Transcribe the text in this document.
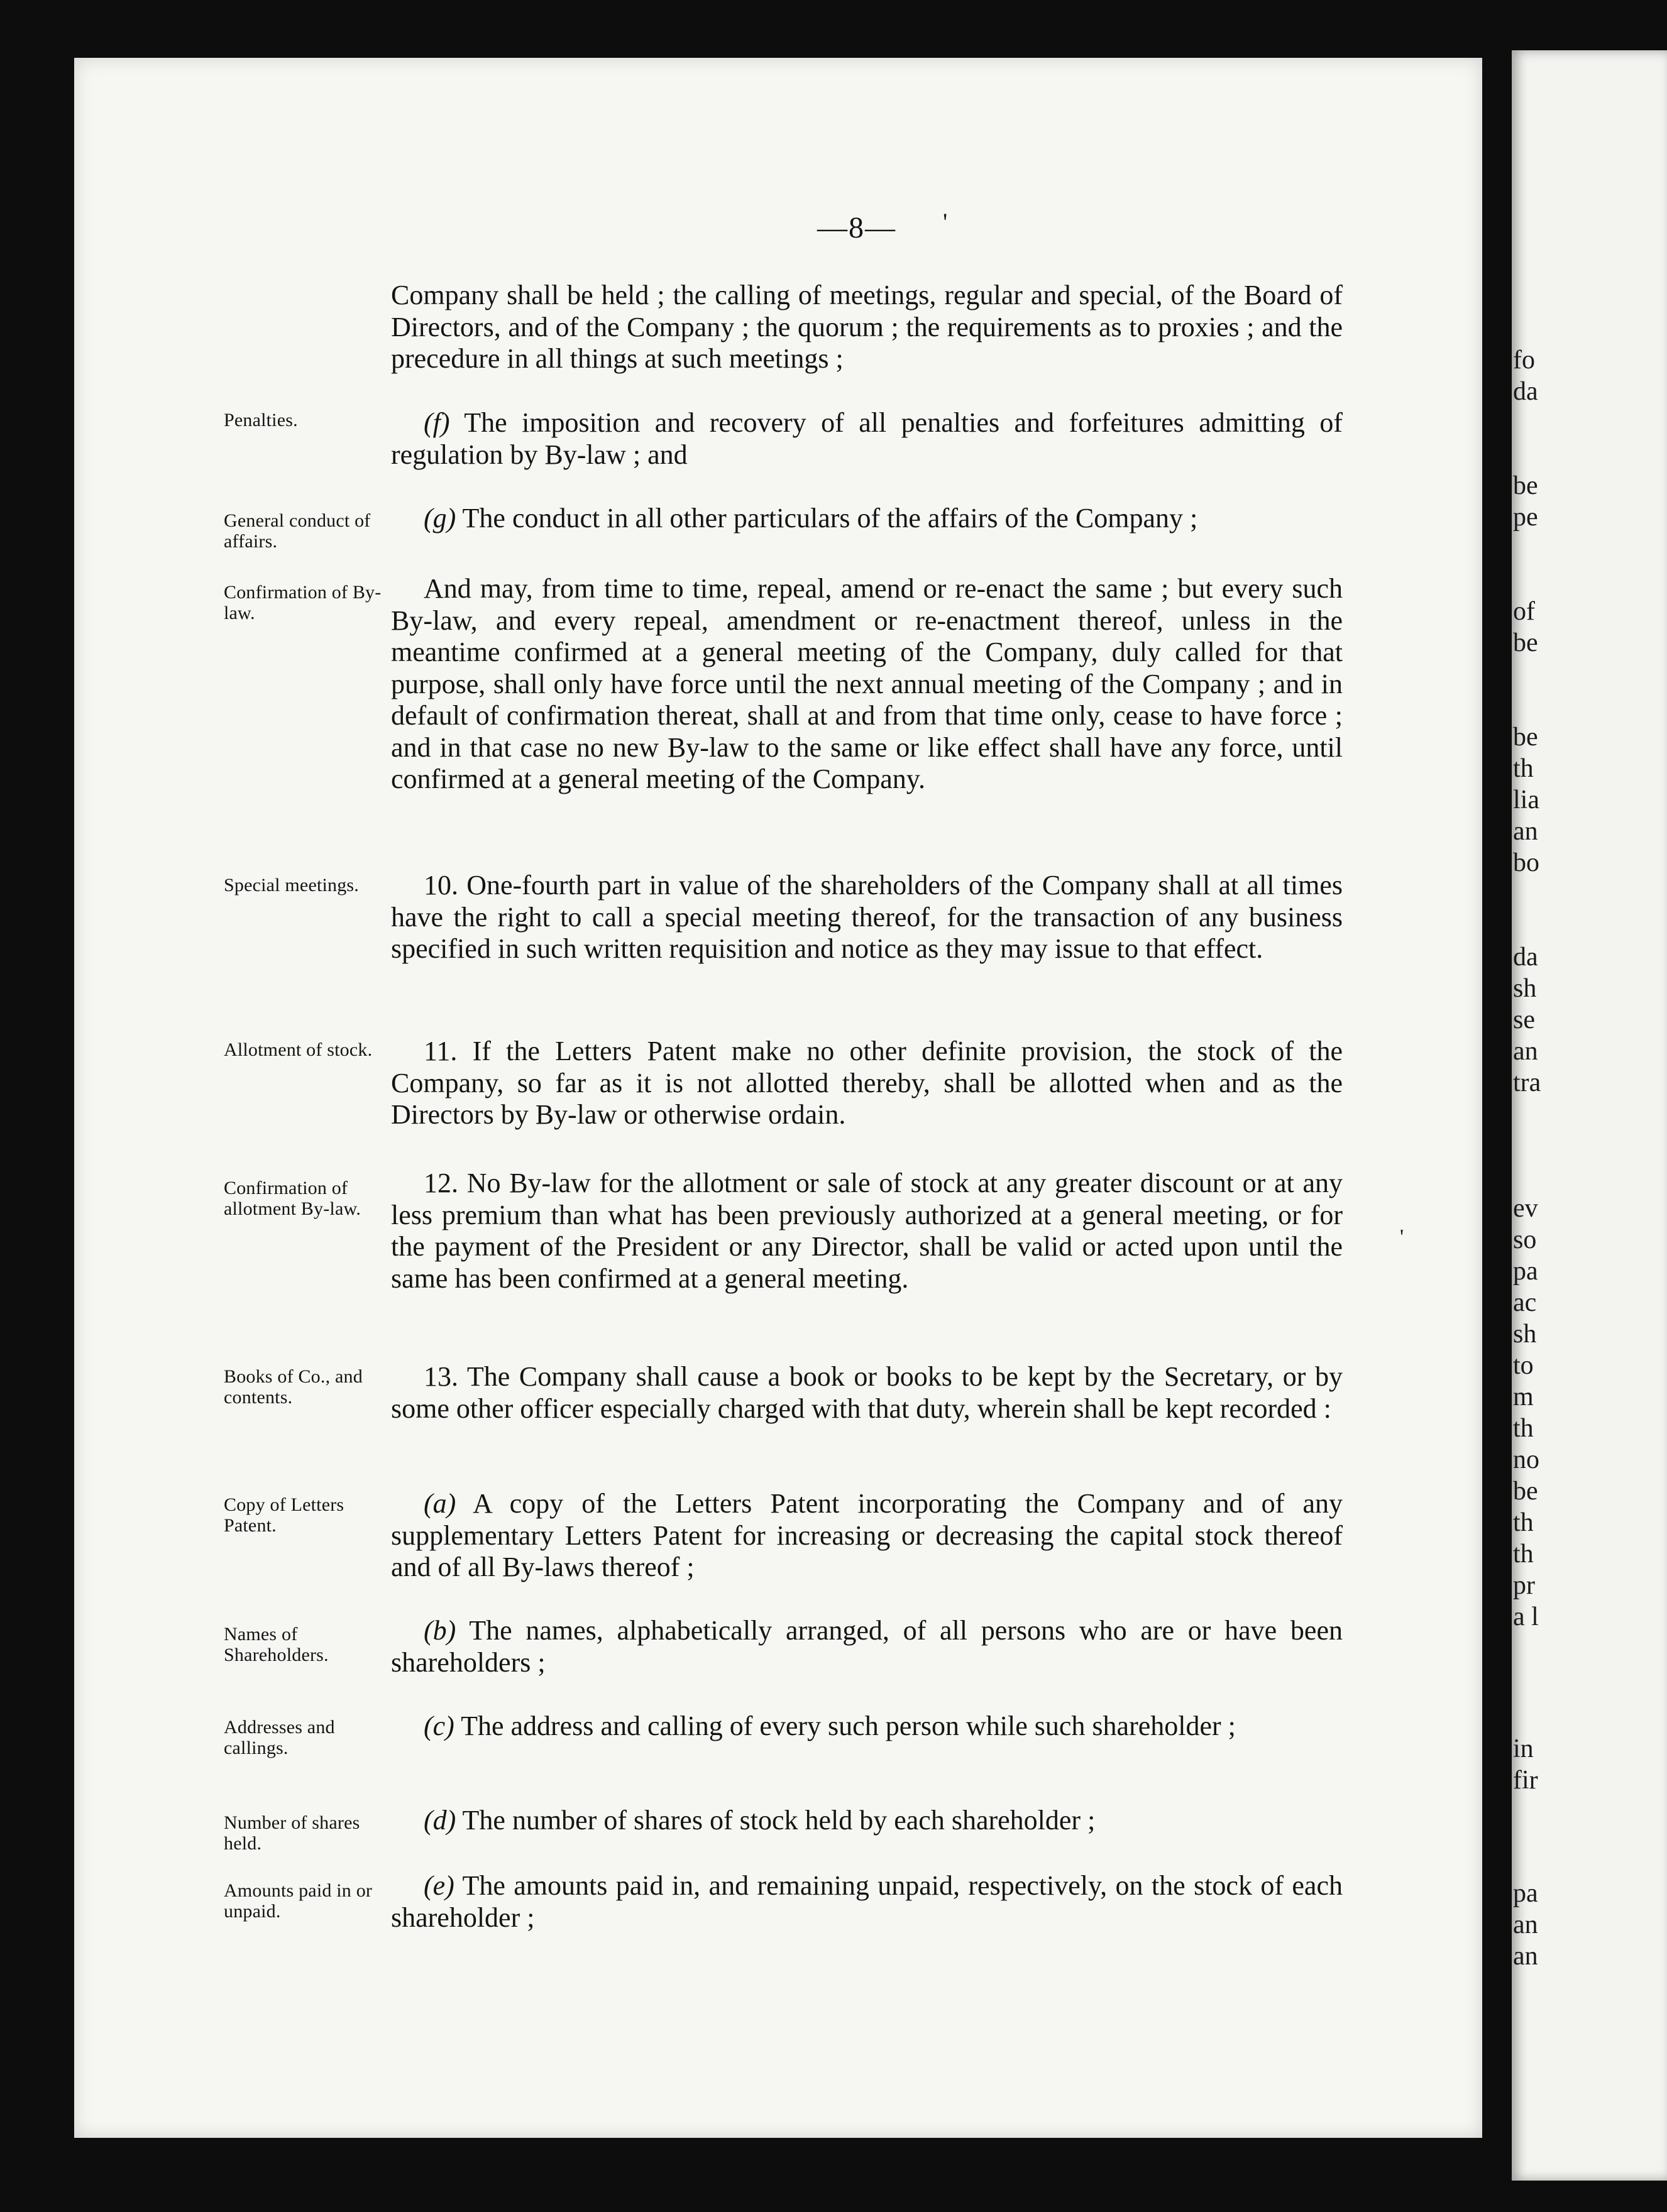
fo
da
be
pe
of
be
be
th
lia
an
bo
da
sh
se
an
tra
ev
so
pa
ac
sh
to
m
th
no
be
th
th
pr
a l
in
fir
pa
an
an
—8— '
'
Company shall be held ; the calling of meetings, regular and special, of the Board of Directors, and of the Company ; the quorum ; the requirements as to proxies ; and the precedure in all things at such meetings ;
Penalties.	(f) The imposition and recovery of all penalties and forfeitures admitting of regulation by By-law ; and
General conduct of affairs.
(g) The conduct in all other particulars of the affairs of the Company ;
Confirmation of By-law.
And may, from time to time, repeal, amend or re-enact the same ; but every such By-law, and every repeal, amendment or re-enactment thereof, unless in the meantime confirmed at a general meeting of the Company, duly called for that purpose, shall only have force until the next annual meeting of the Company ; and in default of confirmation thereat, shall at and from that time only, cease to have force ; and in that case no new By-law to the same or like effect shall have any force, until confirmed at a general meeting of the Company.
Special meetings.	10. One-fourth part in value of the shareholders of the Company shall at all times have the right to call a special meeting thereof, for the transaction of any business specified in such written requisition and notice as they may issue to that effect.
Allotment of stock.	11. If the Letters Patent make no other definite provision, the stock of the Company, so far as it is not allotted thereby, shall be allotted when and as the Directors by By-law or otherwise ordain.
Confirmation of allotment By-law.
12. No By-law for the allotment or sale of stock at any greater discount or at any less premium than what has been previously authorized at a general meeting, or for the payment of the President or any Director, shall be valid or acted upon until the same has been confirmed at a general meeting.
Books of Co., and contents.
13. The Company shall cause a book or books to be kept by the Secretary, or by some other officer especially charged with that duty, wherein shall be kept recorded :
Copy of Letters Patent.
(a) A copy of the Letters Patent incorporating the Company and of any supplementary Letters Patent for increasing or decreasing the capital stock thereof and of all By-laws thereof ;
Names of Shareholders.
(b) The names, alphabetically arranged, of all persons who are or have been shareholders ;
Addresses and callings.
(c) The address and calling of every such person while such shareholder ;
Number of shares held.
(d) The number of shares of stock held by each shareholder ;
Amounts paid in or unpaid.
(e) The amounts paid in, and remaining unpaid, respectively, on the stock of each shareholder ;
